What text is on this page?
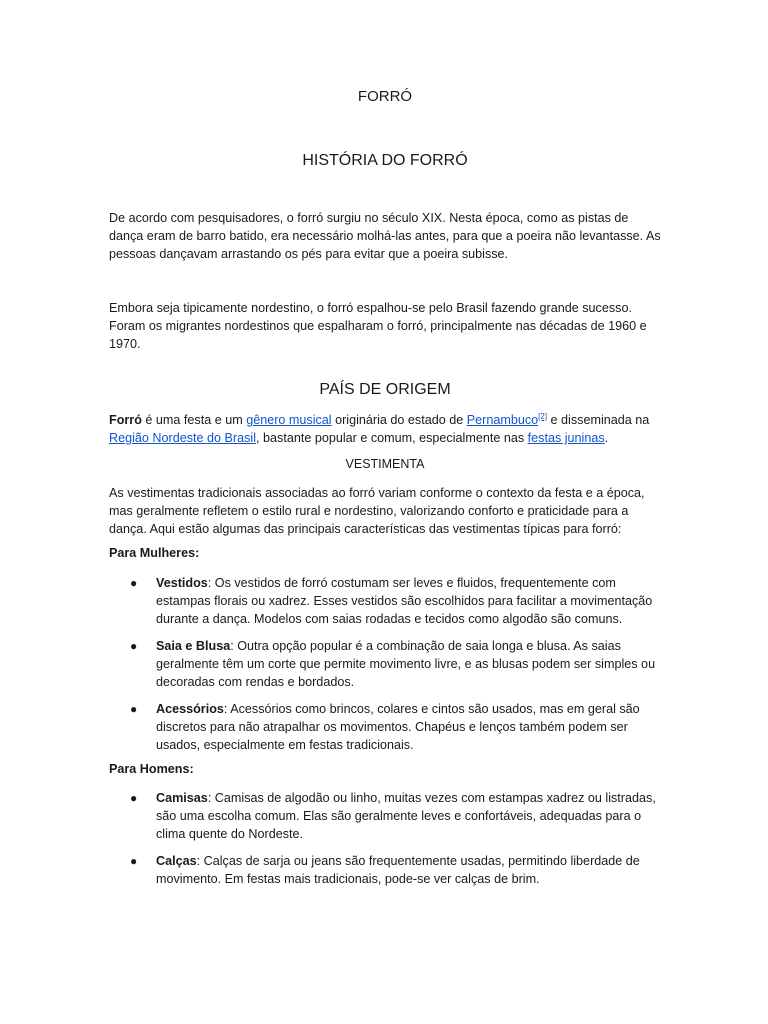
FORRÓ
HISTÓRIA DO FORRÓ

De acordo com pesquisadores, o forró surgiu no século XIX. Nesta época, como as pistas de dança eram de barro batido, era necessário molhá-las antes, para que a poeira não levantasse. As pessoas dançavam arrastando os pés para evitar que a poeira subisse.

Embora seja tipicamente nordestino, o forró espalhou-se pelo Brasil fazendo grande sucesso. Foram os migrantes nordestinos que espalharam o forró, principalmente nas décadas de 1960 e 1970.

PAÍS DE ORIGEM

Forró é uma festa e um gênero musical originária do estado de Pernambuco[2] e disseminada na Região Nordeste do Brasil, bastante popular e comum, especialmente nas festas juninas.

VESTIMENTA

As vestimentas tradicionais associadas ao forró variam conforme o contexto da festa e a época, mas geralmente refletem o estilo rural e nordestino, valorizando conforto e praticidade para a dança. Aqui estão algumas das principais características das vestimentas típicas para forró:

Para Mulheres:

● Vestidos: Os vestidos de forró costumam ser leves e fluidos, frequentemente com estampas florais ou xadrez. Esses vestidos são escolhidos para facilitar a movimentação durante a dança. Modelos com saias rodadas e tecidos como algodão são comuns.
● Saia e Blusa: Outra opção popular é a combinação de saia longa e blusa. As saias geralmente têm um corte que permite movimento livre, e as blusas podem ser simples ou decoradas com rendas e bordados.
● Acessórios: Acessórios como brincos, colares e cintos são usados, mas em geral são discretos para não atrapalhar os movimentos. Chapéus e lenços também podem ser usados, especialmente em festas tradicionais.

Para Homens:

● Camisas: Camisas de algodão ou linho, muitas vezes com estampas xadrez ou listradas, são uma escolha comum. Elas são geralmente leves e confortáveis, adequadas para o clima quente do Nordeste.
● Calças: Calças de sarja ou jeans são frequentemente usadas, permitindo liberdade de movimento. Em festas mais tradicionais, pode-se ver calças de brim.
